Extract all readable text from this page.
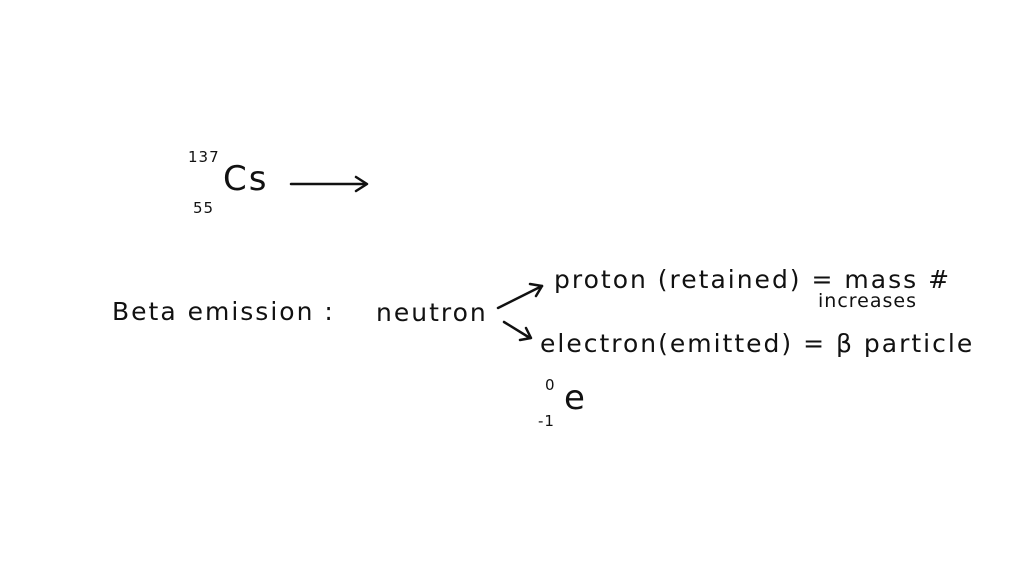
137
55
Cs
Beta emission : neutron
proton (retained) = mass #
increases
electron(emitted) = β particle
0
-1
e
